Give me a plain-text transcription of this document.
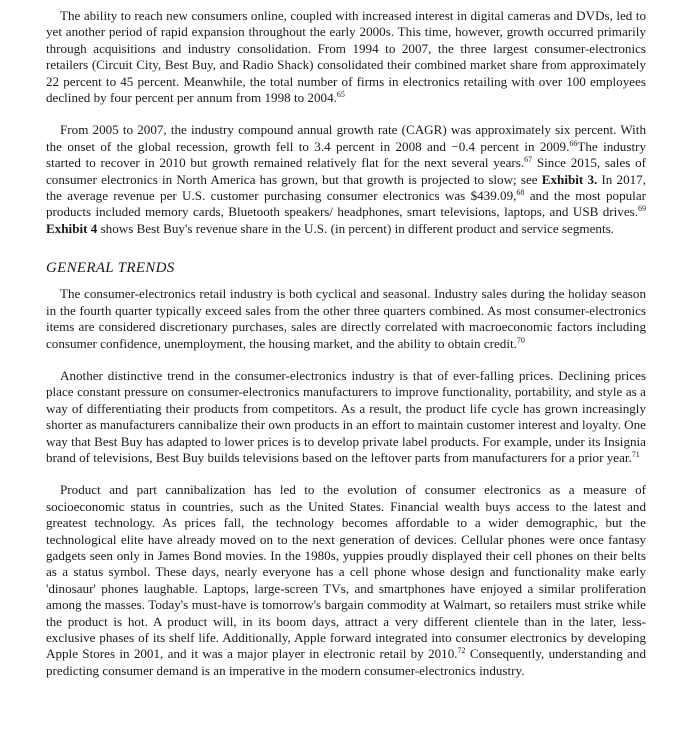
The ability to reach new consumers online, coupled with increased interest in digital cameras and DVDs, led to yet another period of rapid expansion throughout the early 2000s. This time, however, growth occurred primarily through acquisitions and industry consolidation. From 1994 to 2007, the three largest consumer-electronics retailers (Circuit City, Best Buy, and Radio Shack) consolidated their combined market share from approximately 22 percent to 45 percent. Meanwhile, the total number of firms in electronics retailing with over 100 employees declined by four percent per annum from 1998 to 2004.65

From 2005 to 2007, the industry compound annual growth rate (CAGR) was approximately six percent. With the onset of the global recession, growth fell to 3.4 percent in 2008 and −0.4 percent in 2009.66The industry started to recover in 2010 but growth remained relatively flat for the next several years.$^{67}$ Since 2015, sales of consumer electronics in North America has grown, but that growth is projected to slow; see Exhibit 3. In 2017, the average revenue per U.S. customer purchasing consumer electronics was $439.09,68 and the most popular products included memory cards, Bluetooth speakers/ headphones, smart televisions, laptops, and USB drives.$^{69}$ Exhibit 4 shows Best Buy's revenue share in the U.S. (in percent) in different product and service segments.

GENERAL TRENDS

The consumer-electronics retail industry is both cyclical and seasonal. Industry sales during the holiday season in the fourth quarter typically exceed sales from the other three quarters combined. As most consumer-electronics items are considered discretionary purchases, sales are directly correlated with macroeconomic factors including consumer confidence, unemployment, the housing market, and the ability to obtain credit.$^{70}$

Another distinctive trend in the consumer-electronics industry is that of ever-falling prices. Declining prices place constant pressure on consumer-electronics manufacturers to improve functionality, portability, and style as a way of differentiating their products from competitors. As a result, the product life cycle has grown increasingly shorter as manufacturers cannibalize their own products in an effort to maintain customer interest and loyalty. One way that Best Buy has adapted to lower prices is to develop private label products. For example, under its Insignia brand of televisions, Best Buy builds televisions based on the leftover parts from manufacturers for a prior year.$^{71}$

Product and part cannibalization has led to the evolution of consumer electronics as a measure of socioeconomic status in countries, such as the United States. Financial wealth buys access to the latest and greatest technology. As prices fall, the technology becomes affordable to a wider demographic, but the technological elite have already moved on to the next generation of devices. Cellular phones were once fantasy gadgets seen only in James Bond movies. In the 1980s, yuppies proudly displayed their cell phones on their belts as a status symbol. These days, nearly everyone has a cell phone whose design and functionality make early 'dinosaur' phones laughable. Laptops, large-screen TVs, and smartphones have enjoyed a similar proliferation among the masses. Today's must-have is tomorrow's bargain commodity at Walmart, so retailers must strike while the product is hot. A product will, in its boom days, attract a very different clientele than in the later, less-exclusive phases of its shelf life. Additionally, Apple forward integrated into consumer electronics by developing Apple Stores in 2001, and it was a major player in electronic retail by 2010.72 Consequently, understanding and predicting consumer demand is an imperative in the modern consumer-electronics industry.
